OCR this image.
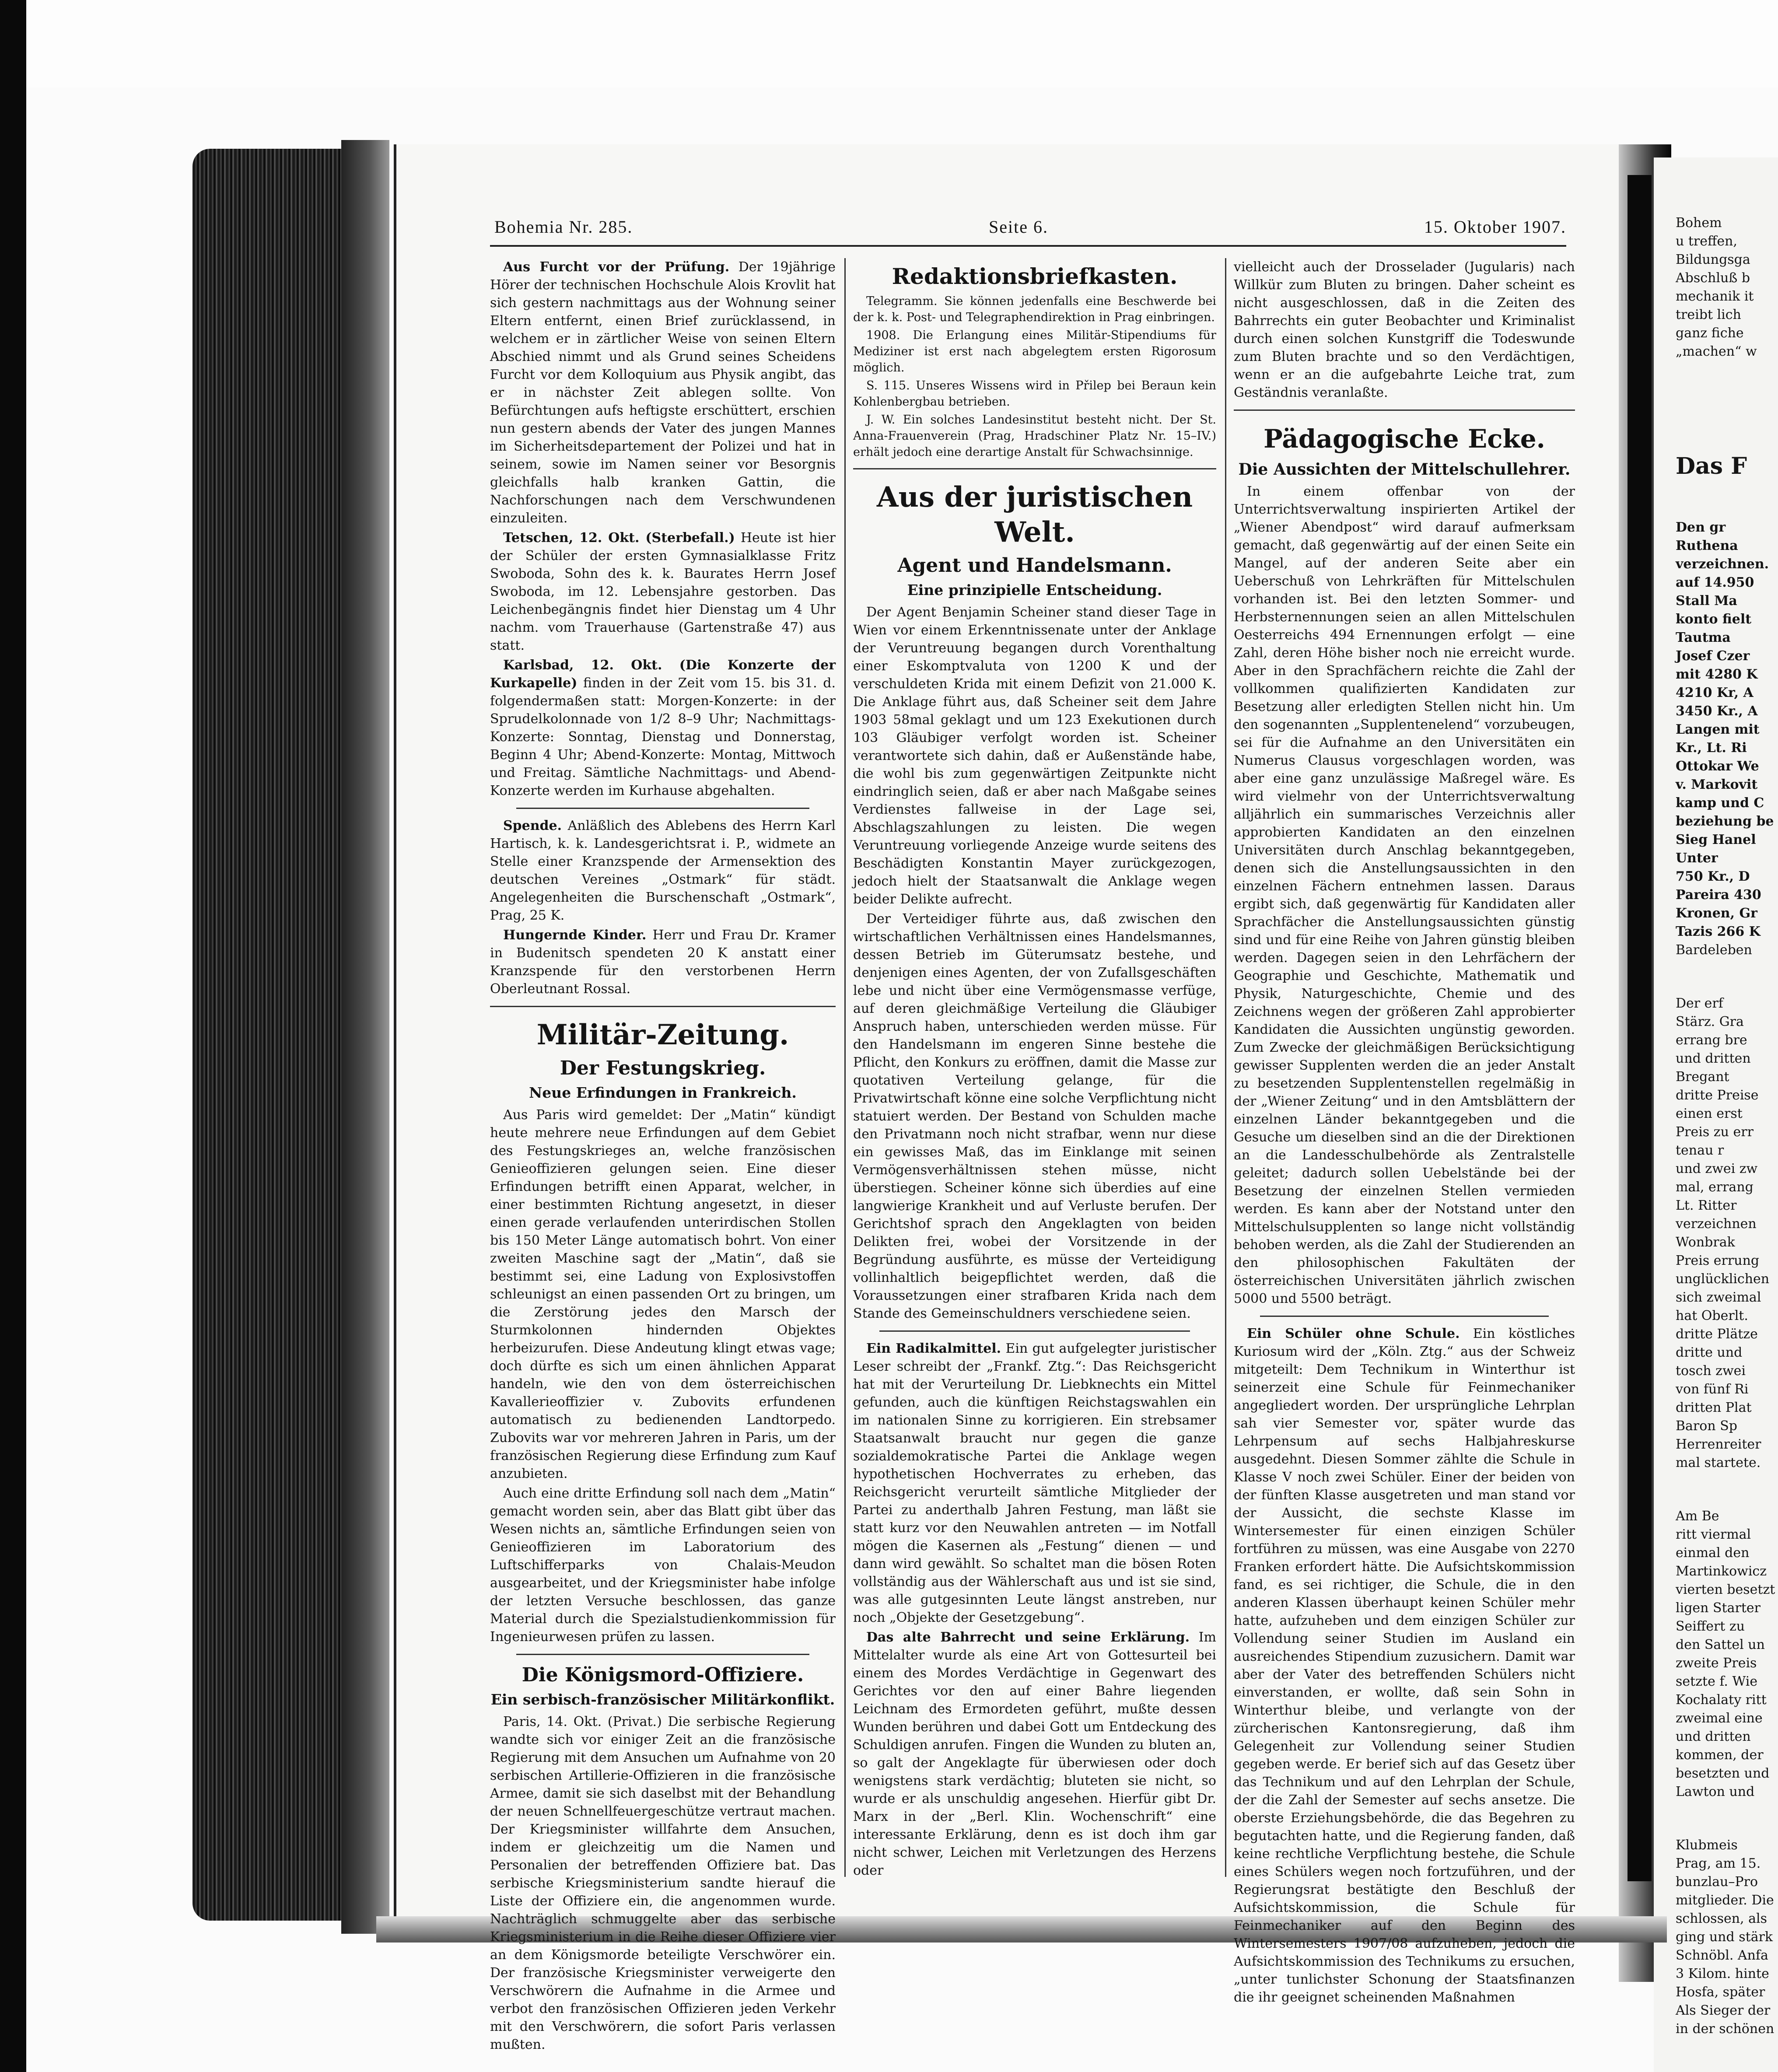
Bohemia Nr. 285.	Seite 6.	15. Oktober 1907.

Aus Furcht vor der Prüfung. Der 19jährige Hörer der technischen Hochschule Alois Krovlit hat sich gestern nachmittags aus der Wohnung seiner Eltern entfernt, einen Brief zurücklassend, in welchem er in zärtlicher Weise von seinen Eltern Abschied nimmt und als Grund seines Scheidens Furcht vor dem Kolloquium aus Physik angibt, das er in nächster Zeit ablegen sollte. Von Befürchtungen aufs heftigste erschüttert, erschien nun gestern abends der Vater des jungen Mannes im Sicherheitsdepartement der Polizei und hat in seinem, sowie im Namen seiner vor Besorgnis gleichfalls halb kranken Gattin, die Nachforschungen nach dem Verschwundenen einzuleiten.

Tetschen, 12. Okt. (Sterbefall.) Heute ist hier der Schüler der ersten Gymnasialklasse Fritz Swoboda, Sohn des k. k. Baurates Herrn Josef Swoboda, im 12. Lebensjahre gestorben. Das Leichenbegängnis findet hier Dienstag um 4 Uhr nachm. vom Trauerhause (Gartenstraße 47) aus statt.

Karlsbad, 12. Okt. (Die Konzerte der Kurkapelle) finden in der Zeit vom 15. bis 31. d. folgendermaßen statt: Morgen-Konzerte: in der Sprudelkolonnade von 1/2 8–9 Uhr; Nachmittags-Konzerte: Sonntag, Dienstag und Donnerstag, Beginn 4 Uhr; Abend-Konzerte: Montag, Mittwoch und Freitag. Sämtliche Nachmittags- und Abend-Konzerte werden im Kurhause abgehalten.

Spende. Anläßlich des Ablebens des Herrn Karl Hartisch, k. k. Landesgerichtsrat i. P., widmete an Stelle einer Kranzspende der Armensektion des deutschen Vereines „Ostmark“ für städt. Angelegenheiten die Burschenschaft „Ostmark“, Prag, 25 K.

Hungernde Kinder. Herr und Frau Dr. Kramer in Budenitsch spendeten 20 K anstatt einer Kranzspende für den verstorbenen Herrn Oberleutnant Rossal.

Militär-Zeitung.

Der Festungskrieg.

Neue Erfindungen in Frankreich.

Aus Paris wird gemeldet: Der „Matin“ kündigt heute mehrere neue Erfindungen auf dem Gebiet des Festungskrieges an, welche französischen Genieoffizieren gelungen seien. Eine dieser Erfindungen betrifft einen Apparat, welcher, in einer bestimmten Richtung angesetzt, in dieser einen gerade verlaufenden unterirdischen Stollen bis 150 Meter Länge automatisch bohrt. Von einer zweiten Maschine sagt der „Matin“, daß sie bestimmt sei, eine Ladung von Explosivstoffen schleunigst an einen passenden Ort zu bringen, um die Zerstörung jedes den Marsch der Sturmkolonnen hindernden Objektes herbeizurufen. Diese Andeutung klingt etwas vage; doch dürfte es sich um einen ähnlichen Apparat handeln, wie den von dem österreichischen Kavallerieoffizier v. Zubovits erfundenen automatisch zu bedienenden Landtorpedo. Zubovits war vor mehreren Jahren in Paris, um der französischen Regierung diese Erfindung zum Kauf anzubieten.

Auch eine dritte Erfindung soll nach dem „Matin“ gemacht worden sein, aber das Blatt gibt über das Wesen nichts an, sämtliche Erfindungen seien von Genieoffizieren im Laboratorium des Luftschifferparks von Chalais-Meudon ausgearbeitet, und der Kriegsminister habe infolge der letzten Versuche beschlossen, das ganze Material durch die Spezialstudienkommission für Ingenieurwesen prüfen zu lassen.

Die Königsmord-Offiziere.

Ein serbisch-französischer Militärkonflikt.

Paris, 14. Okt. (Privat.) Die serbische Regierung wandte sich vor einiger Zeit an die französische Regierung mit dem Ansuchen um Aufnahme von 20 serbischen Artillerie-Offizieren in die französische Armee, damit sie sich daselbst mit der Behandlung der neuen Schnellfeuergeschütze vertraut machen. Der Kriegsminister willfahrte dem Ansuchen, indem er gleichzeitig um die Namen und Personalien der betreffenden Offiziere bat. Das serbische Kriegsministerium sandte hierauf die Liste der Offiziere ein, die angenommen wurde. Nachträglich schmuggelte aber das serbische Kriegsministerium in die Reihe dieser Offiziere vier an dem Königsmorde beteiligte Verschwörer ein. Der französische Kriegsminister verweigerte den Verschwörern die Aufnahme in die Armee und verbot den französischen Offizieren jeden Verkehr mit den Verschwörern, die sofort Paris verlassen mußten.

Redaktionsbriefkasten.

Telegramm. Sie können jedenfalls eine Beschwerde bei der k. k. Post- und Telegraphendirektion in Prag einbringen.

1908. Die Erlangung eines Militär-Stipendiums für Mediziner ist erst nach abgelegtem ersten Rigorosum möglich.

S. 115. Unseres Wissens wird in Přilep bei Beraun kein Kohlenbergbau betrieben.

J. W. Ein solches Landesinstitut besteht nicht. Der St. Anna-Frauenverein (Prag, Hradschiner Platz Nr. 15–IV.) erhält jedoch eine derartige Anstalt für Schwachsinnige.

Aus der juristischen Welt.

Agent und Handelsmann.

Eine prinzipielle Entscheidung.

Der Agent Benjamin Scheiner stand dieser Tage in Wien vor einem Erkenntnissenate unter der Anklage der Veruntreuung begangen durch Vorenthaltung einer Eskomptvaluta von 1200 K und der verschuldeten Krida mit einem Defizit von 21.000 K. Die Anklage führt aus, daß Scheiner seit dem Jahre 1903 58mal geklagt und um 123 Exekutionen durch 103 Gläubiger verfolgt worden ist. Scheiner verantwortete sich dahin, daß er Außenstände habe, die wohl bis zum gegenwärtigen Zeitpunkte nicht eindringlich seien, daß er aber nach Maßgabe seines Verdienstes fallweise in der Lage sei, Abschlagszahlungen zu leisten. Die wegen Veruntreuung vorliegende Anzeige wurde seitens des Beschädigten Konstantin Mayer zurückgezogen, jedoch hielt der Staatsanwalt die Anklage wegen beider Delikte aufrecht.

Der Verteidiger führte aus, daß zwischen den wirtschaftlichen Verhältnissen eines Handelsmannes, dessen Betrieb im Güterumsatz bestehe, und denjenigen eines Agenten, der von Zufallsgeschäften lebe und nicht über eine Vermögensmasse verfüge, auf deren gleichmäßige Verteilung die Gläubiger Anspruch haben, unterschieden werden müsse. Für den Handelsmann im engeren Sinne bestehe die Pflicht, den Konkurs zu eröffnen, damit die Masse zur quotativen Verteilung gelange, für die Privatwirtschaft könne eine solche Verpflichtung nicht statuiert werden. Der Bestand von Schulden mache den Privatmann noch nicht strafbar, wenn nur diese ein gewisses Maß, das im Einklange mit seinen Vermögensverhältnissen stehen müsse, nicht überstiegen. Scheiner könne sich überdies auf eine langwierige Krankheit und auf Verluste berufen. Der Gerichtshof sprach den Angeklagten von beiden Delikten frei, wobei der Vorsitzende in der Begründung ausführte, es müsse der Verteidigung vollinhaltlich beigepflichtet werden, daß die Voraussetzungen einer strafbaren Krida nach dem Stande des Gemeinschuldners verschiedene seien.

Ein Radikalmittel. Ein gut aufgelegter juristischer Leser schreibt der „Frankf. Ztg.“: Das Reichsgericht hat mit der Verurteilung Dr. Liebknechts ein Mittel gefunden, auch die künftigen Reichstagswahlen ein im nationalen Sinne zu korrigieren. Ein strebsamer Staatsanwalt braucht nur gegen die ganze sozialdemokratische Partei die Anklage wegen hypothetischen Hochverrates zu erheben, das Reichsgericht verurteilt sämtliche Mitglieder der Partei zu anderthalb Jahren Festung, man läßt sie statt kurz vor den Neuwahlen antreten — im Notfall mögen die Kasernen als „Festung“ dienen — und dann wird gewählt. So schaltet man die bösen Roten vollständig aus der Wählerschaft aus und ist sie sind, was alle gutgesinnten Leute längst anstreben, nur noch „Objekte der Gesetzgebung“.

Das alte Bahrrecht und seine Erklärung. Im Mittelalter wurde als eine Art von Gottesurteil bei einem des Mordes Verdächtige in Gegenwart des Gerichtes vor den auf einer Bahre liegenden Leichnam des Ermordeten geführt, mußte dessen Wunden berühren und dabei Gott um Entdeckung des Schuldigen anrufen. Fingen die Wunden zu bluten an, so galt der Angeklagte für überwiesen oder doch wenigstens stark verdächtig; bluteten sie nicht, so wurde er als unschuldig angesehen. Hierfür gibt Dr. Marx in der „Berl. Klin. Wochenschrift“ eine interessante Erklärung, denn es ist doch ihm gar nicht schwer, Leichen mit Verletzungen des Herzens oder

vielleicht auch der Drosselader (Jugularis) nach Willkür zum Bluten zu bringen. Daher scheint es nicht ausgeschlossen, daß in die Zeiten des Bahrrechts ein guter Beobachter und Kriminalist durch einen solchen Kunstgriff die Todeswunde zum Bluten brachte und so den Verdächtigen, wenn er an die aufgebahrte Leiche trat, zum Geständnis veranlaßte.

Pädagogische Ecke.

Die Aussichten der Mittelschullehrer.

In einem offenbar von der Unterrichtsverwaltung inspirierten Artikel der „Wiener Abendpost“ wird darauf aufmerksam gemacht, daß gegenwärtig auf der einen Seite ein Mangel, auf der anderen Seite aber ein Ueberschuß von Lehrkräften für Mittelschulen vorhanden ist. Bei den letzten Sommer- und Herbsternennungen seien an allen Mittelschulen Oesterreichs 494 Ernennungen erfolgt — eine Zahl, deren Höhe bisher noch nie erreicht wurde. Aber in den Sprachfächern reichte die Zahl der vollkommen qualifizierten Kandidaten zur Besetzung aller erledigten Stellen nicht hin. Um den sogenannten „Supplentenelend“ vorzubeugen, sei für die Aufnahme an den Universitäten ein Numerus Clausus vorgeschlagen worden, was aber eine ganz unzulässige Maßregel wäre. Es wird vielmehr von der Unterrichtsverwaltung alljährlich ein summarisches Verzeichnis aller approbierten Kandidaten an den einzelnen Universitäten durch Anschlag bekanntgegeben, denen sich die Anstellungsaussichten in den einzelnen Fächern entnehmen lassen. Daraus ergibt sich, daß gegenwärtig für Kandidaten aller Sprachfächer die Anstellungsaussichten günstig sind und für eine Reihe von Jahren günstig bleiben werden. Dagegen seien in den Lehrfächern der Geographie und Geschichte, Mathematik und Physik, Naturgeschichte, Chemie und des Zeichnens wegen der größeren Zahl approbierter Kandidaten die Aussichten ungünstig geworden. Zum Zwecke der gleichmäßigen Berücksichtigung gewisser Supplenten werden die an jeder Anstalt zu besetzenden Supplentenstellen regelmäßig in der „Wiener Zeitung“ und in den Amtsblättern der einzelnen Länder bekanntgegeben und die Gesuche um dieselben sind an die der Direktionen an die Landesschulbehörde als Zentralstelle geleitet; dadurch sollen Uebelstände bei der Besetzung der einzelnen Stellen vermieden werden. Es kann aber der Notstand unter den Mittelschulsupplenten so lange nicht vollständig behoben werden, als die Zahl der Studierenden an den philosophischen Fakultäten der österreichischen Universitäten jährlich zwischen 5000 und 5500 beträgt.

Ein Schüler ohne Schule. Ein köstliches Kuriosum wird der „Köln. Ztg.“ aus der Schweiz mitgeteilt: Dem Technikum in Winterthur ist seinerzeit eine Schule für Feinmechaniker angegliedert worden. Der ursprüngliche Lehrplan sah vier Semester vor, später wurde das Lehrpensum auf sechs Halbjahreskurse ausgedehnt. Diesen Sommer zählte die Schule in Klasse V noch zwei Schüler. Einer der beiden von der fünften Klasse ausgetreten und man stand vor der Aussicht, die sechste Klasse im Wintersemester für einen einzigen Schüler fortführen zu müssen, was eine Ausgabe von 2270 Franken erfordert hätte. Die Aufsichtskommission fand, es sei richtiger, die Schule, die in den anderen Klassen überhaupt keinen Schüler mehr hatte, aufzuheben und dem einzigen Schüler zur Vollendung seiner Studien im Ausland ein ausreichendes Stipendium zuzusichern. Damit war aber der Vater des betreffenden Schülers nicht einverstanden, er wollte, daß sein Sohn in Winterthur bleibe, und verlangte von der zürcherischen Kantonsregierung, daß ihm Gelegenheit zur Vollendung seiner Studien gegeben werde. Er berief sich auf das Gesetz über das Technikum und auf den Lehrplan der Schule, der die Zahl der Semester auf sechs ansetze. Die oberste Erziehungsbehörde, die das Begehren zu begutachten hatte, und die Regierung fanden, daß keine rechtliche Verpflichtung bestehe, die Schule eines Schülers wegen noch fortzuführen, und der Regierungsrat bestätigte den Beschluß der Aufsichtskommission, die Schule für Feinmechaniker auf den Beginn des Wintersemesters 1907/08 aufzuheben, jedoch die Aufsichtskommission des Technikums zu ersuchen, „unter tunlichster Schonung der Staatsfinanzen die ihr geeignet scheinenden Maßnahmen

Bohem
u treffen,
Bildungsga
Abschluß b
mechanik it
treibt lich
ganz fiche
„machen“ w
Das F
Den gr
Ruthena
verzeichnen.
auf 14.950
Stall Ma
konto fielt
Tautma
Josef Czer
mit 4280 K
4210 Kr, A
3450 Kr., A
Langen mit
Kr., Lt. Ri
Ottokar We
v. Markovit
kamp und C
beziehung be
Sieg Hanel
Unter
750 Kr., D
Pareira 430
Kronen, Gr
Tazis 266 K
Bardeleben
Der erf
Stärz. Gra
errang bre
und dritten
Bregant
dritte Preise
einen erst
Preis zu err
tenau r
und zwei zw
mal, errang
Lt. Ritter
verzeichnen
Wonbrak
Preis errung
unglücklichen
sich zweimal
hat Oberlt.
dritte Plätze
dritte und
tosch zwei
von fünf Ri
dritten Plat
Baron Sp
Herrenreiter
mal startete.
Am Be
ritt viermal
einmal den
Martinkowicz
vierten besetzt
ligen Starter
Seiffert zu
den Sattel un
zweite Preis
setzte f. Wie
Kochalaty ritt
zweimal eine
und dritten
kommen, der
besetzten und
Lawton und
Klubmeis
Prag, am 15.
bunzlau–Pro
mitglieder. Die
schlossen, als
ging und stärk
Schnöbl. Anfa
3 Kilom. hinte
Hosfa, später
Als Sieger der
in der schönen
